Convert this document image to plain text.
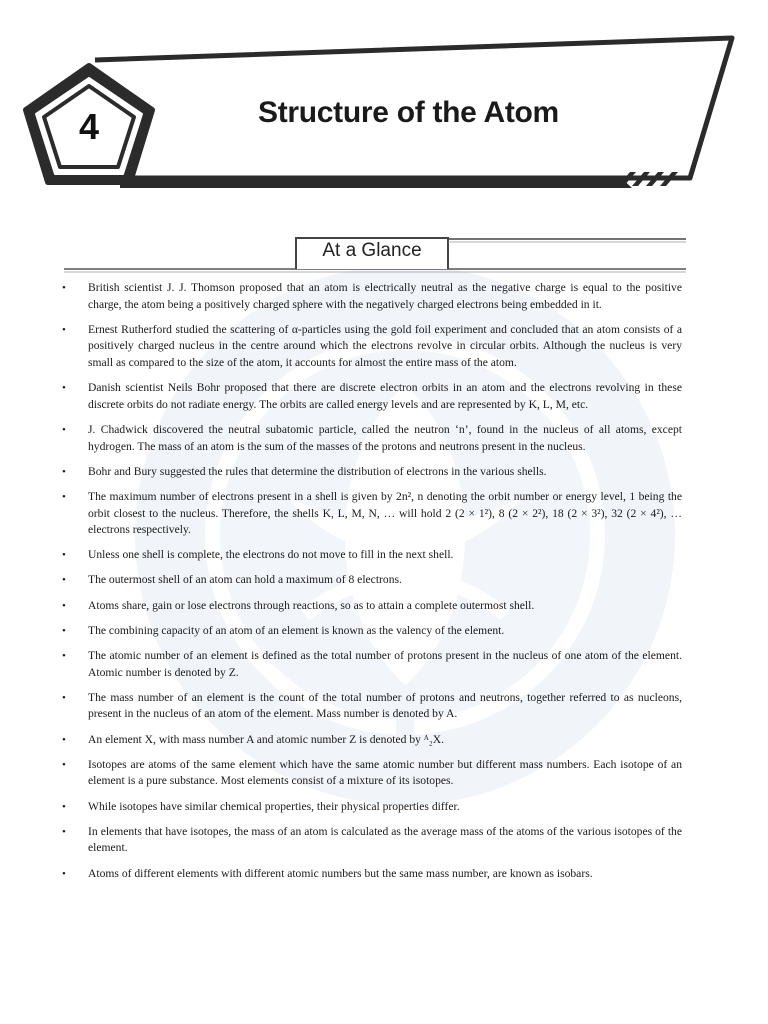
4	Structure of the Atom
At a Glance
• British scientist J. J. Thomson proposed that an atom is electrically neutral as the negative charge is equal to the positive charge, the atom being a positively charged sphere with the negatively charged electrons being embedded in it.
• Ernest Rutherford studied the scattering of α-particles using the gold foil experiment and concluded that an atom consists of a positively charged nucleus in the centre around which the electrons revolve in circular orbits. Although the nucleus is very small as compared to the size of the atom, it accounts for almost the entire mass of the atom.
• Danish scientist Neils Bohr proposed that there are discrete electron orbits in an atom and the electrons revolving in these discrete orbits do not radiate energy. The orbits are called energy levels and are represented by K, L, M, etc.
• J. Chadwick discovered the neutral subatomic particle, called the neutron ‘n’, found in the nucleus of all atoms, except hydrogen. The mass of an atom is the sum of the masses of the protons and neutrons present in the nucleus.
• Bohr and Bury suggested the rules that determine the distribution of electrons in the various shells.
• The maximum number of electrons present in a shell is given by 2n², n denoting the orbit number or energy level, 1 being the orbit closest to the nucleus. Therefore, the shells K, L, M, N, … will hold 2 (2 × 1²), 8 (2 × 2²), 18 (2 × 3²), 32 (2 × 4²), … electrons respectively.
• Unless one shell is complete, the electrons do not move to fill in the next shell.
• The outermost shell of an atom can hold a maximum of 8 electrons.
• Atoms share, gain or lose electrons through reactions, so as to attain a complete outermost shell.
• The combining capacity of an atom of an element is known as the valency of the element.
• The atomic number of an element is defined as the total number of protons present in the nucleus of one atom of the element. Atomic number is denoted by Z.
• The mass number of an element is the count of the total number of protons and neutrons, together referred to as nucleons, present in the nucleus of an atom of the element. Mass number is denoted by A.
• An element X, with mass number A and atomic number Z is denoted by ᴬ₂X.
• Isotopes are atoms of the same element which have the same atomic number but different mass numbers. Each isotope of an element is a pure substance. Most elements consist of a mixture of its isotopes.
• While isotopes have similar chemical properties, their physical properties differ.
• In elements that have isotopes, the mass of an atom is calculated as the average mass of the atoms of the various isotopes of the element.
• Atoms of different elements with different atomic numbers but the same mass number, are known as isobars.
